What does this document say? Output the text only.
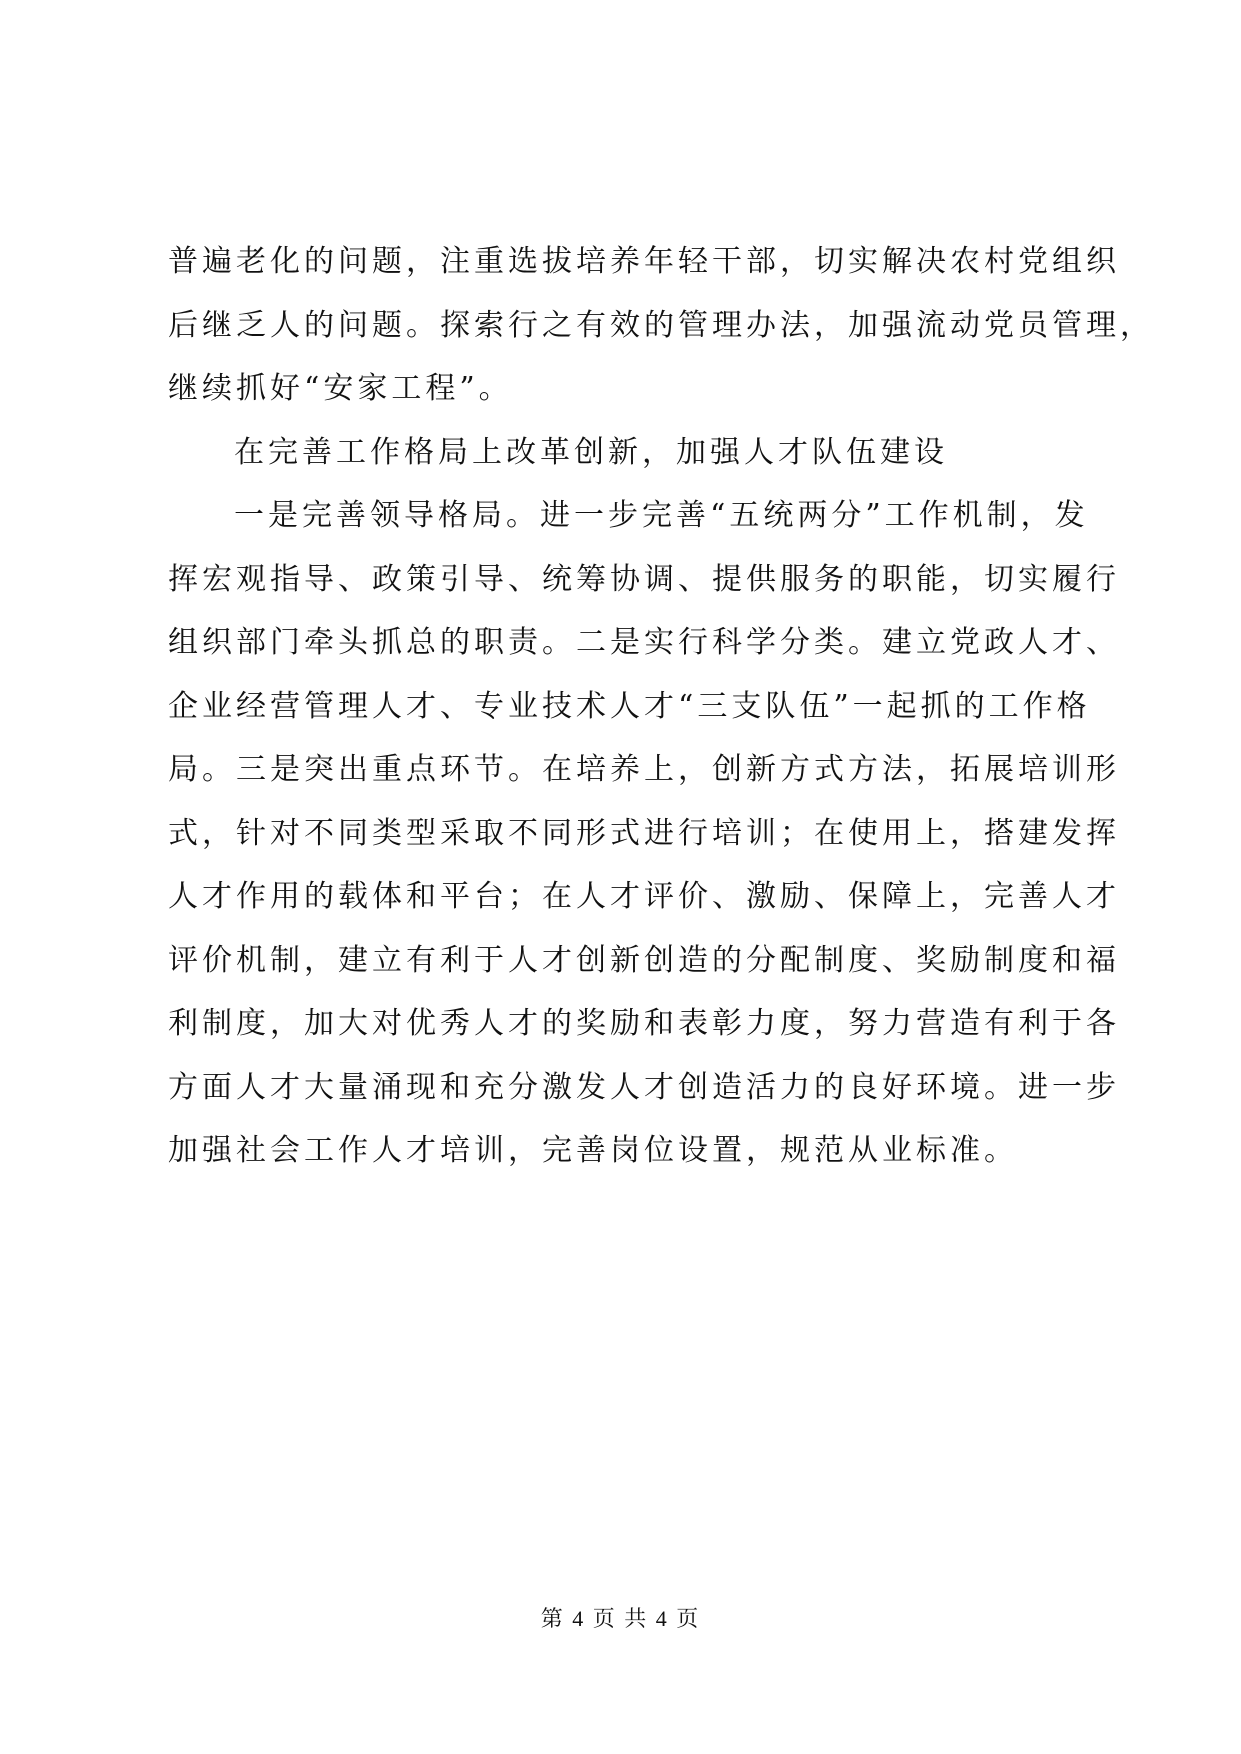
普遍老化的问题，注重选拔培养年轻干部，切实解决农村党组织
后继乏人的问题。探索行之有效的管理办法，加强流动党员管理，
继续抓好“安家工程”。
在完善工作格局上改革创新，加强人才队伍建设
一是完善领导格局。进一步完善“五统两分”工作机制，发
挥宏观指导、政策引导、统筹协调、提供服务的职能，切实履行
组织部门牵头抓总的职责。二是实行科学分类。建立党政人才、
企业经营管理人才、专业技术人才“三支队伍”一起抓的工作格
局。三是突出重点环节。在培养上，创新方式方法，拓展培训形
式，针对不同类型采取不同形式进行培训；在使用上，搭建发挥
人才作用的载体和平台；在人才评价、激励、保障上，完善人才
评价机制，建立有利于人才创新创造的分配制度、奖励制度和福
利制度，加大对优秀人才的奖励和表彰力度，努力营造有利于各
方面人才大量涌现和充分激发人才创造活力的良好环境。进一步
加强社会工作人才培训，完善岗位设置，规范从业标准。
第 4 页 共 4 页
